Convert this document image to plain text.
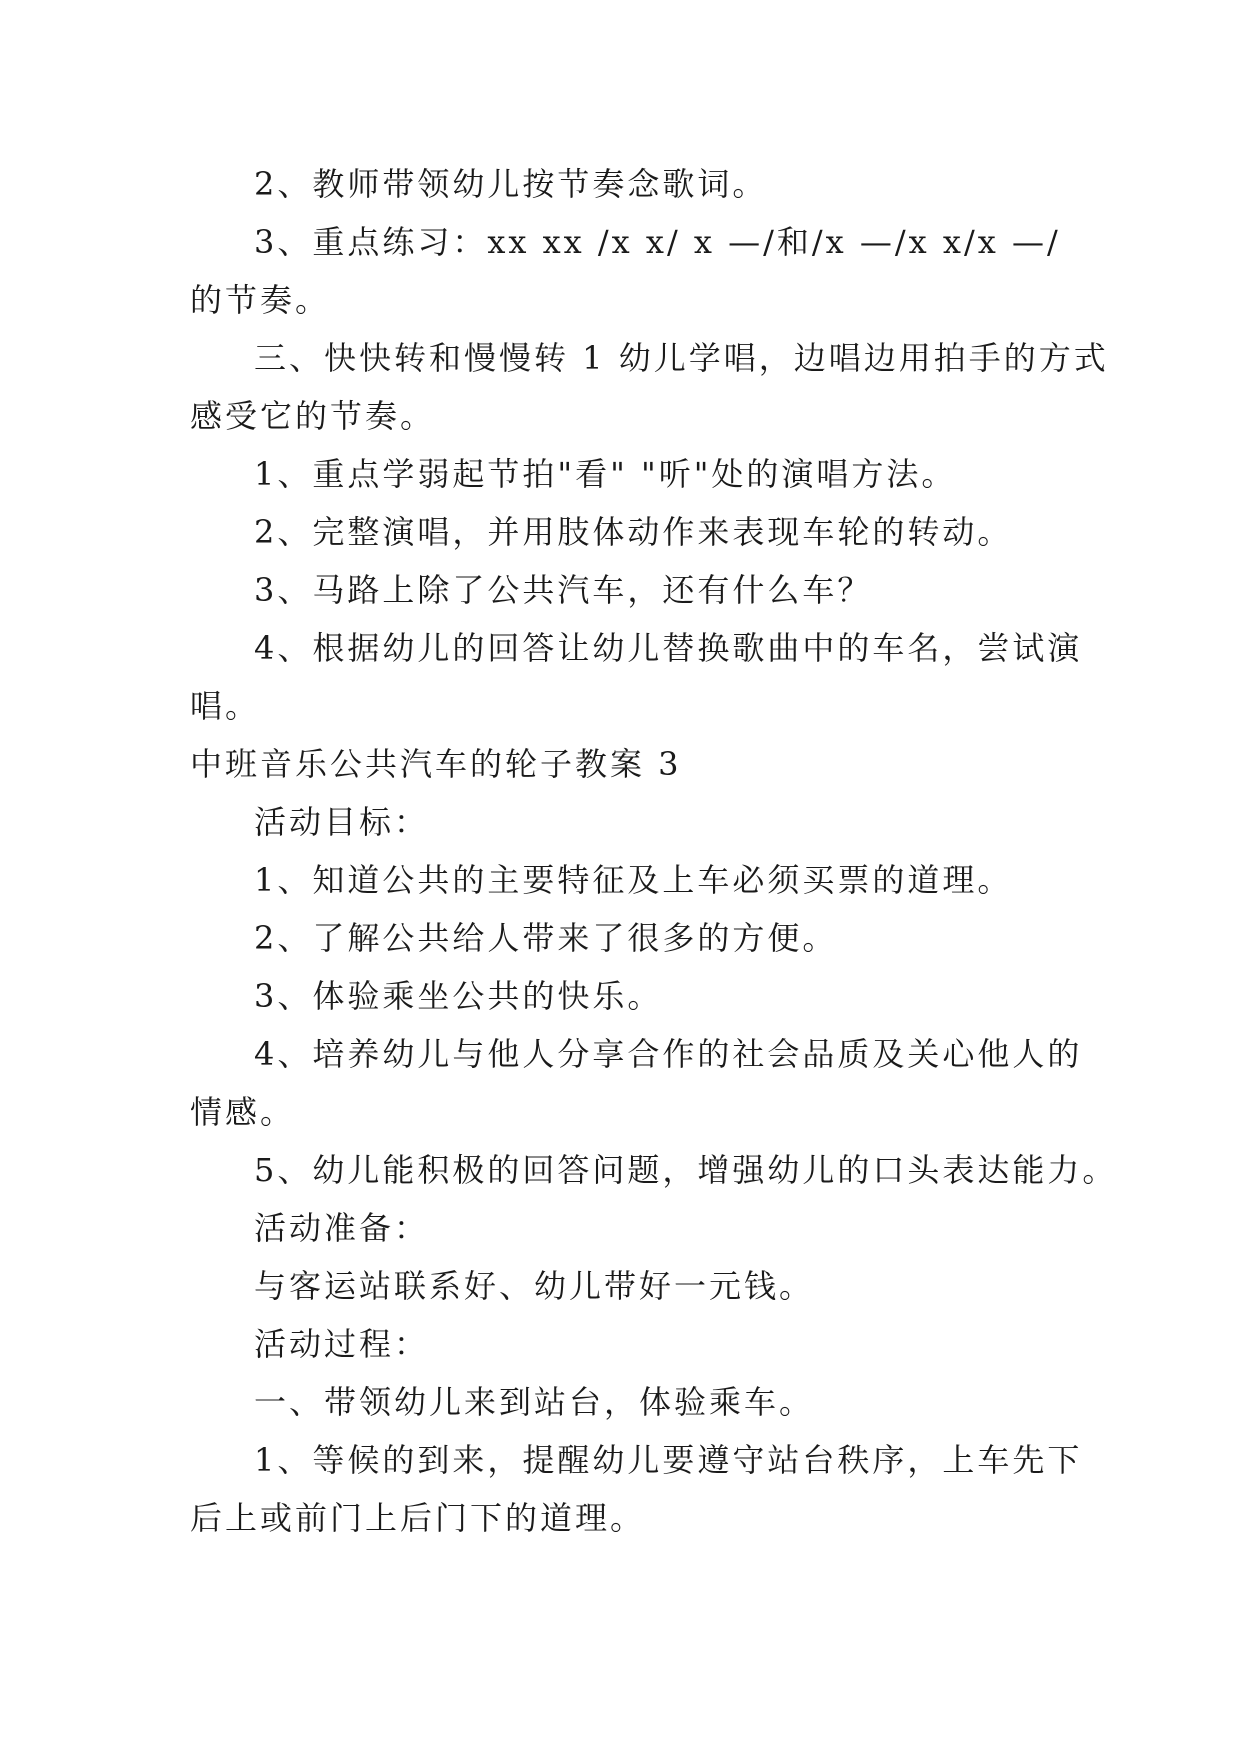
2、教师带领幼儿按节奏念歌词。
3、重点练习：xx xx /x x/ x —/和/x —/x x/x —/
的节奏。
三、快快转和慢慢转 1 幼儿学唱，边唱边用拍手的方式
感受它的节奏。
1、重点学弱起节拍"看" "听"处的演唱方法。
2、完整演唱，并用肢体动作来表现车轮的转动。
3、马路上除了公共汽车，还有什么车？
4、根据幼儿的回答让幼儿替换歌曲中的车名，尝试演
唱。
中班音乐公共汽车的轮子教案 3
活动目标：
1、知道公共的主要特征及上车必须买票的道理。
2、了解公共给人带来了很多的方便。
3、体验乘坐公共的快乐。
4、培养幼儿与他人分享合作的社会品质及关心他人的
情感。
5、幼儿能积极的回答问题，增强幼儿的口头表达能力。
活动准备：
与客运站联系好、幼儿带好一元钱。
活动过程：
一、带领幼儿来到站台，体验乘车。
1、等候的到来，提醒幼儿要遵守站台秩序，上车先下
后上或前门上后门下的道理。
